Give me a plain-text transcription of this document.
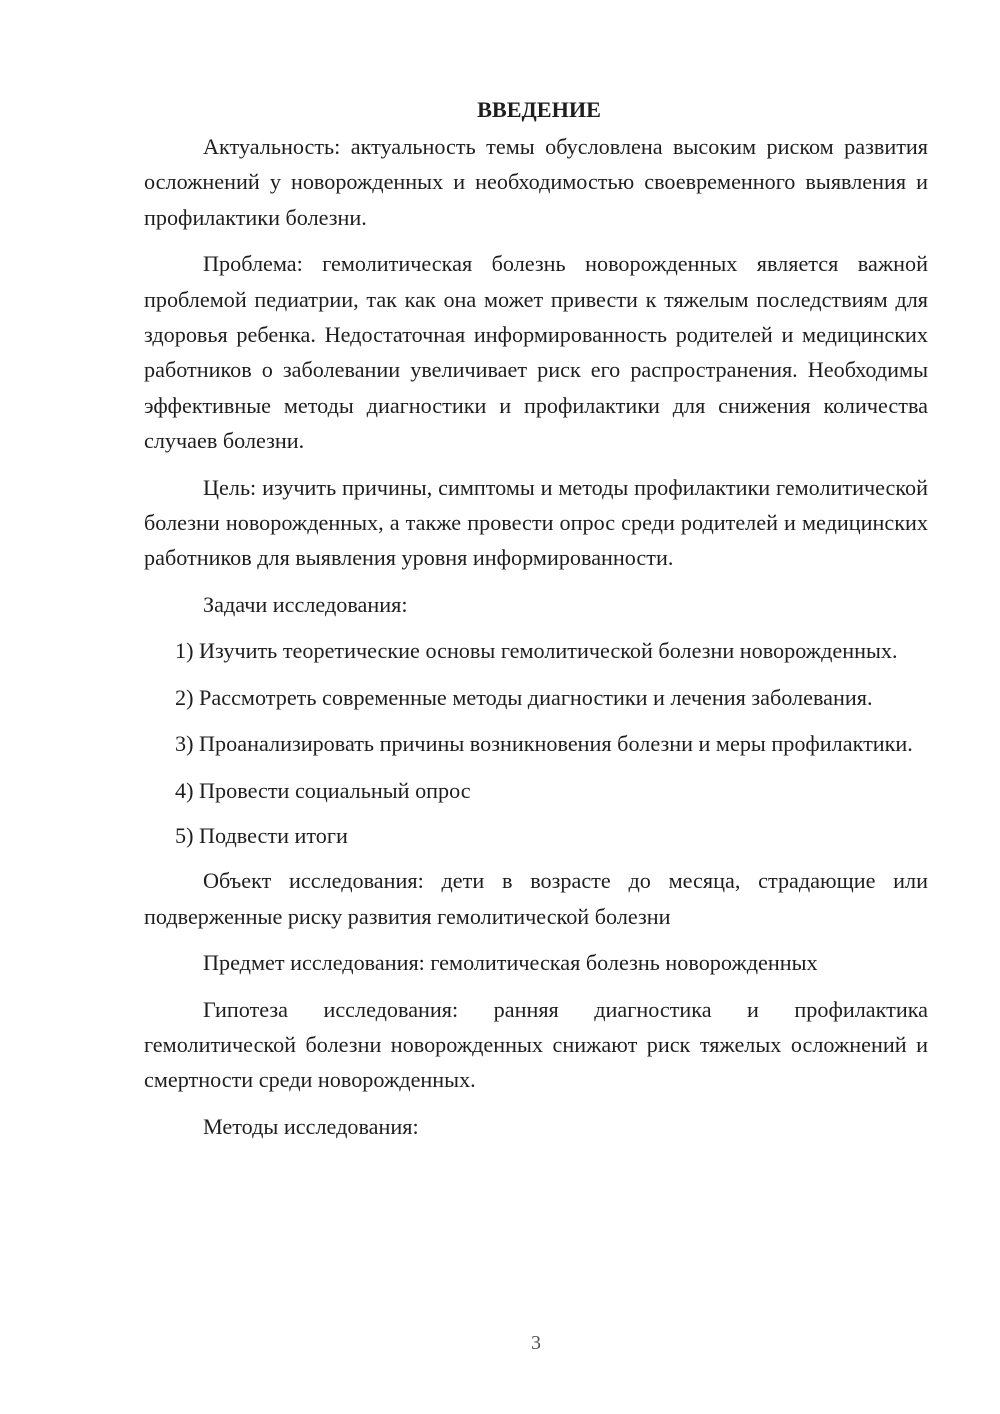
ВВЕДЕНИЕ

Актуальность: актуальность темы обусловлена высоким риском развития осложнений у новорожденных и необходимостью своевременного выявления и профилактики болезни.

Проблема: гемолитическая болезнь новорожденных является важной проблемой педиатрии, так как она может привести к тяжелым последствиям для здоровья ребенка. Недостаточная информированность родителей и медицинских работников о заболевании увеличивает риск его распространения. Необходимы эффективные методы диагностики и профилактики для снижения количества случаев болезни.

Цель: изучить причины, симптомы и методы профилактики гемолитической болезни новорожденных, а также провести опрос среди родителей и медицинских работников для выявления уровня информированности.

Задачи исследования:

1) Изучить теоретические основы гемолитической болезни новорожденных.

2) Рассмотреть современные методы диагностики и лечения заболевания.

3) Проанализировать причины возникновения болезни и меры профилактики.

4) Провести социальный опрос

5) Подвести итоги

Объект исследования: дети в возрасте до месяца, страдающие или подверженные риску развития гемолитической болезни

Предмет исследования: гемолитическая болезнь новорожденных

Гипотеза исследования: ранняя диагностика и профилактика гемолитической болезни новорожденных снижают риск тяжелых осложнений и смертности среди новорожденных.

Методы исследования:

3
